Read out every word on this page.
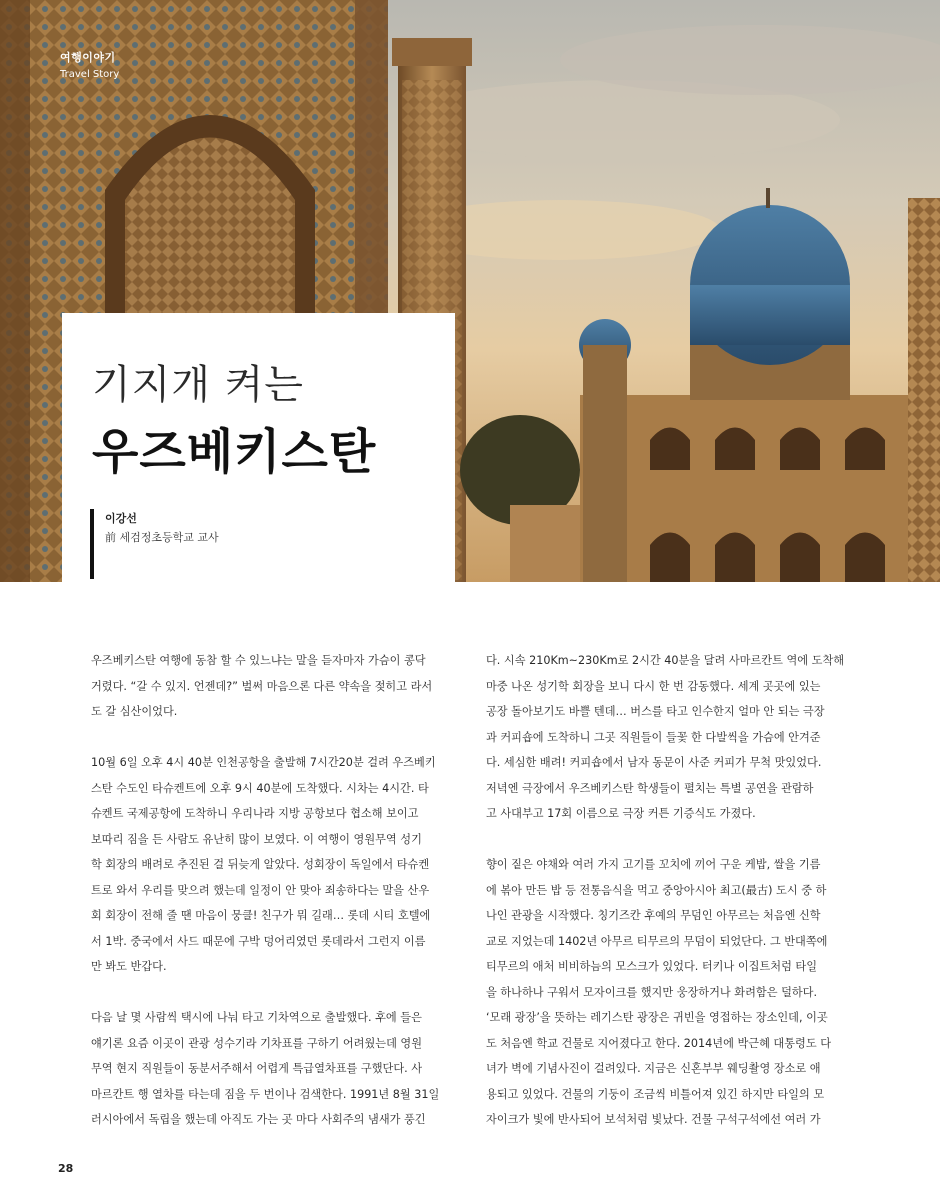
여행이야기
Travel Story
기지개 켜는
우즈베키스탄
이강선
前 세검정초등학교 교사

우즈베키스탄 여행에 동참 할 수 있느냐는 말을 듣자마자 가슴이 콩닥

거렸다. “갈 수 있지. 언젠데?” 벌써 마음으론 다른 약속을 젖히고 라서

도 갈 심산이었다.

10월 6일 오후 4시 40분 인천공항을 출발해 7시간20분 걸려 우즈베키

스탄 수도인 타슈켄트에 오후 9시 40분에 도착했다. 시차는 4시간. 타

슈켄트 국제공항에 도착하니 우리나라 지방 공항보다 협소해 보이고

보따리 짐을 든 사람도 유난히 많이 보였다. 이 여행이 영원무역 성기

학 회장의 배려로 추진된 걸 뒤늦게 알았다. 성회장이 독일에서 타슈켄

트로 와서 우리를 맞으려 했는데 일정이 안 맞아 죄송하다는 말을 산우

회 회장이 전해 줄 땐 마음이 뭉클! 친구가 뭐 길래… 롯데 시티 호텔에

서 1박. 중국에서 사드 때문에 구박 덩어리였던 롯데라서 그런지 이름

만 봐도 반갑다.

다음 날 몇 사람씩 택시에 나눠 타고 기차역으로 출발했다. 후에 들은

얘기론 요즘 이곳이 관광 성수기라 기차표를 구하기 어려웠는데 영원

무역 현지 직원들이 동분서주해서 어렵게 특급열차표를 구했단다. 사

마르칸트 행 열차를 타는데 짐을 두 번이나 검색한다. 1991년 8월 31일

러시아에서 독립을 했는데 아직도 가는 곳 마다 사회주의 냄새가 풍긴

다. 시속 210Km~230Km로 2시간 40분을 달려 사마르칸트 역에 도착해

마중 나온 성기학 회장을 보니 다시 한 번 감동했다. 세계 곳곳에 있는

공장 돌아보기도 바쁠 텐데… 버스를 타고 인수한지 얼마 안 되는 극장

과 커피숍에 도착하니 그곳 직원들이 들꽃 한 다발씩을 가슴에 안겨준

다. 세심한 배려! 커피숍에서 남자 동문이 사준 커피가 무척 맛있었다.

저녁엔 극장에서 우즈베키스탄 학생들이 펼치는 특별 공연을 관람하

고 사대부고 17회 이름으로 극장 커튼 기증식도 가졌다.

향이 짙은 야채와 여러 가지 고기를 꼬치에 끼어 구운 케밥, 쌀을 기름

에 볶아 만든 밥 등 전통음식을 먹고 중앙아시아 최고(最古) 도시 중 하

나인 관광을 시작했다. 칭기즈칸 후예의 무덤인 아무르는 처음엔 신학

교로 지었는데 1402년 아무르 티무르의 무덤이 되었단다. 그 반대쪽에

티무르의 애처 비비하늠의 모스크가 있었다. 터키나 이집트처럼 타일

을 하나하나 구워서 모자이크를 했지만 웅장하거나 화려함은 덜하다.

‘모래 광장’을 뜻하는 레기스탄 광장은 귀빈을 영접하는 장소인데, 이곳

도 처음엔 학교 건물로 지어졌다고 한다. 2014년에 박근혜 대통령도 다

녀가 벽에 기념사진이 걸려있다. 지금은 신혼부부 웨딩촬영 장소로 애

용되고 있었다. 건물의 기둥이 조금씩 비틀어져 있긴 하지만 타일의 모

자이크가 빛에 반사되어 보석처럼 빛났다. 건물 구석구석에선 여러 가

28
